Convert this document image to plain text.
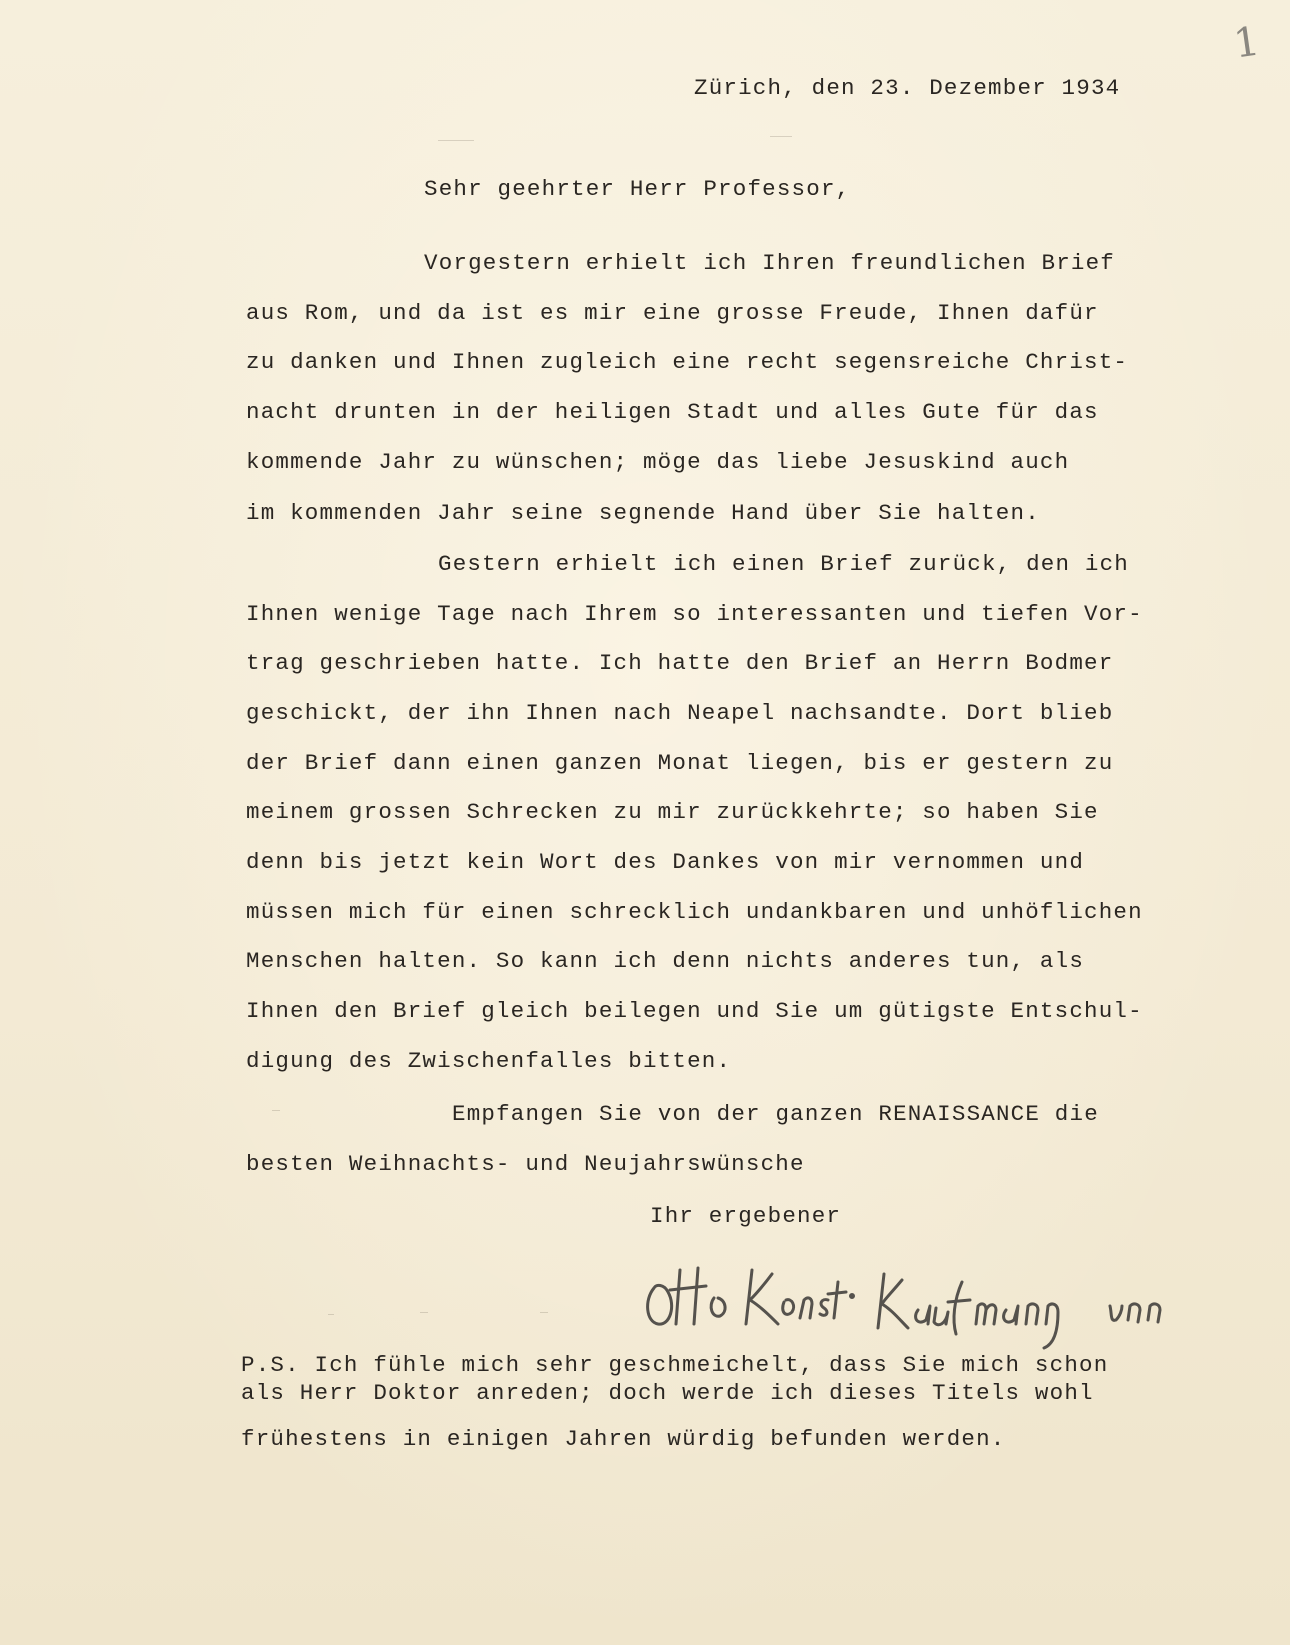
1
Zürich, den 23. Dezember 1934
Sehr geehrter Herr Professor,
Vorgestern erhielt ich Ihren freundlichen Brief
aus Rom, und da ist es mir eine grosse Freude, Ihnen dafür
zu danken und Ihnen zugleich eine recht segensreiche Christ-
nacht drunten in der heiligen Stadt und alles Gute für das
kommende Jahr zu wünschen; möge das liebe Jesuskind auch
im kommenden Jahr seine segnende Hand über Sie halten.
Gestern erhielt ich einen Brief zurück, den ich
Ihnen wenige Tage nach Ihrem so interessanten und tiefen Vor-
trag geschrieben hatte. Ich hatte den Brief an Herrn Bodmer
geschickt, der ihn Ihnen nach Neapel nachsandte. Dort blieb
der Brief dann einen ganzen Monat liegen, bis er gestern zu
meinem grossen Schrecken zu mir zurückkehrte; so haben Sie
denn bis jetzt kein Wort des Dankes von mir vernommen und
müssen mich für einen schrecklich undankbaren und unhöflichen
Menschen halten. So kann ich denn nichts anderes tun, als
Ihnen den Brief gleich beilegen und Sie um gütigste Entschul-
digung des Zwischenfalles bitten.
Empfangen Sie von der ganzen RENAISSANCE die
besten Weihnachts- und Neujahrswünsche
Ihr ergebener
P.S. Ich fühle mich sehr geschmeichelt, dass Sie mich schon
als Herr Doktor anreden; doch werde ich dieses Titels wohl
frühestens in einigen Jahren würdig befunden werden.
